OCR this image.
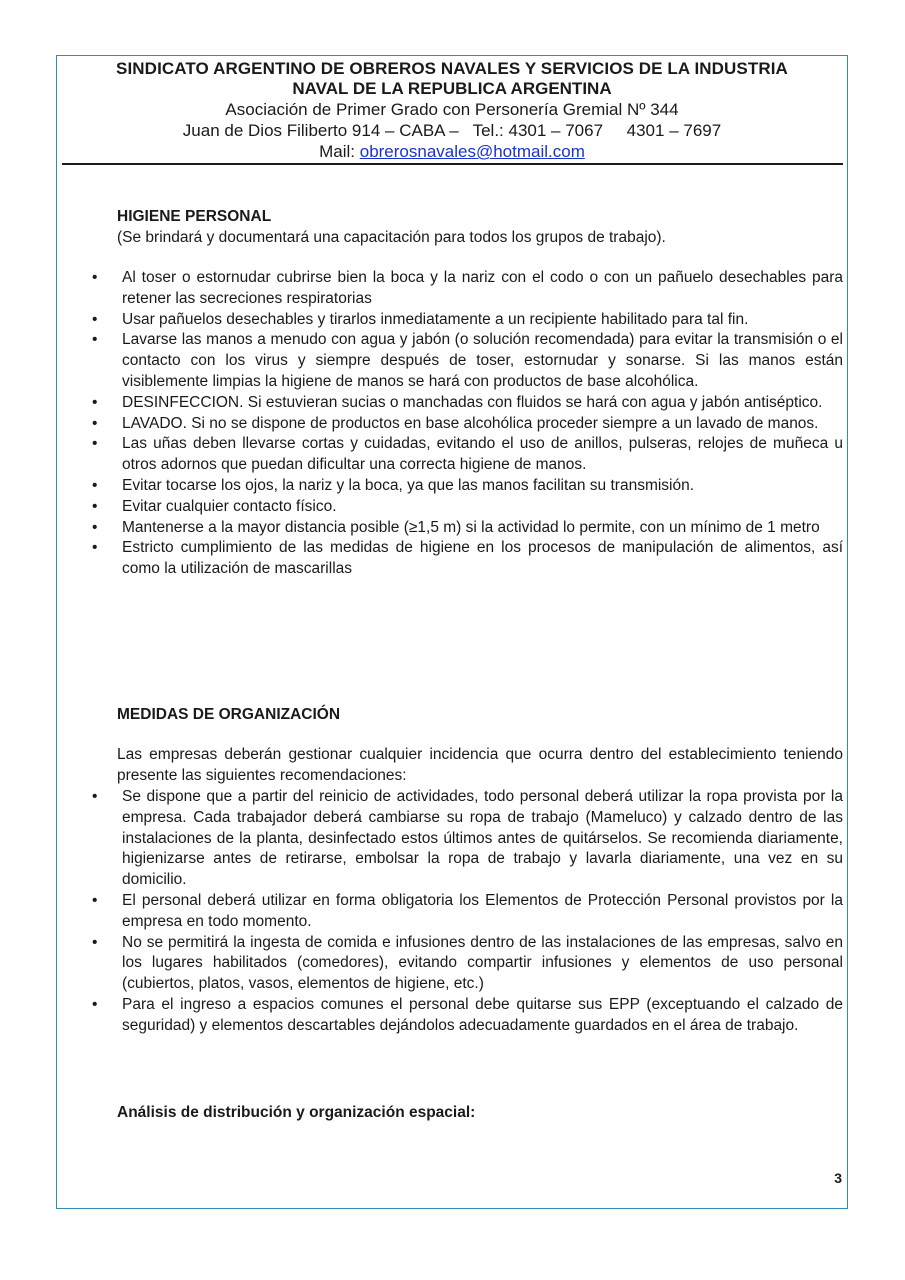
SINDICATO ARGENTINO DE OBREROS NAVALES Y SERVICIOS DE LA INDUSTRIA
NAVAL DE LA REPUBLICA ARGENTINA
Asociación de Primer Grado con Personería Gremial Nº 344
Juan de Dios Filiberto 914 – CABA –   Tel.: 4301 – 7067     4301 – 7697
Mail: obrerosnavales@hotmail.com
HIGIENE PERSONAL
(Se brindará y documentará una capacitación para todos los grupos de trabajo).
• Al toser o estornudar cubrirse bien la boca y la nariz con el codo o con un pañuelo desechables para retener las secreciones respiratorias
• Usar pañuelos desechables y tirarlos inmediatamente a un recipiente habilitado para tal fin.
• Lavarse las manos a menudo con agua y jabón (o solución recomendada) para evitar la transmisión o el contacto con los virus y siempre después de toser, estornudar y sonarse. Si las manos están visiblemente limpias la higiene de manos se hará con productos de base alcohólica.
• DESINFECCION. Si estuvieran sucias o manchadas con fluidos se hará con agua y jabón antiséptico.
• LAVADO. Si no se dispone de productos en base alcohólica proceder siempre a un lavado de manos.
• Las uñas deben llevarse cortas y cuidadas, evitando el uso de anillos, pulseras, relojes de muñeca u otros adornos que puedan dificultar una correcta higiene de manos.
• Evitar tocarse los ojos, la nariz y la boca, ya que las manos facilitan su transmisión.
• Evitar cualquier contacto físico.
• Mantenerse a la mayor distancia posible (≥1,5 m) si la actividad lo permite, con un mínimo de 1 metro
• Estricto cumplimiento de las medidas de higiene en los procesos de manipulación de alimentos, así como la utilización de mascarillas
MEDIDAS DE ORGANIZACIÓN
Las empresas deberán gestionar cualquier incidencia que ocurra dentro del establecimiento teniendo presente las siguientes recomendaciones:
• Se dispone que a partir del reinicio de actividades, todo personal deberá utilizar la ropa provista por la empresa. Cada trabajador deberá cambiarse su ropa de trabajo (Mameluco) y calzado dentro de las instalaciones de la planta, desinfectado estos últimos antes de quitárselos. Se recomienda diariamente, higienizarse antes de retirarse, embolsar la ropa de trabajo y lavarla diariamente, una vez en su domicilio.
• El personal deberá utilizar en forma obligatoria los Elementos de Protección Personal provistos por la empresa en todo momento.
• No se permitirá la ingesta de comida e infusiones dentro de las instalaciones de las empresas, salvo en los lugares habilitados (comedores), evitando compartir infusiones y elementos de uso personal (cubiertos, platos, vasos, elementos de higiene, etc.)
• Para el ingreso a espacios comunes el personal debe quitarse sus EPP (exceptuando el calzado de seguridad) y elementos descartables dejándolos adecuadamente guardados en el área de trabajo.
Análisis de distribución y organización espacial:
3
